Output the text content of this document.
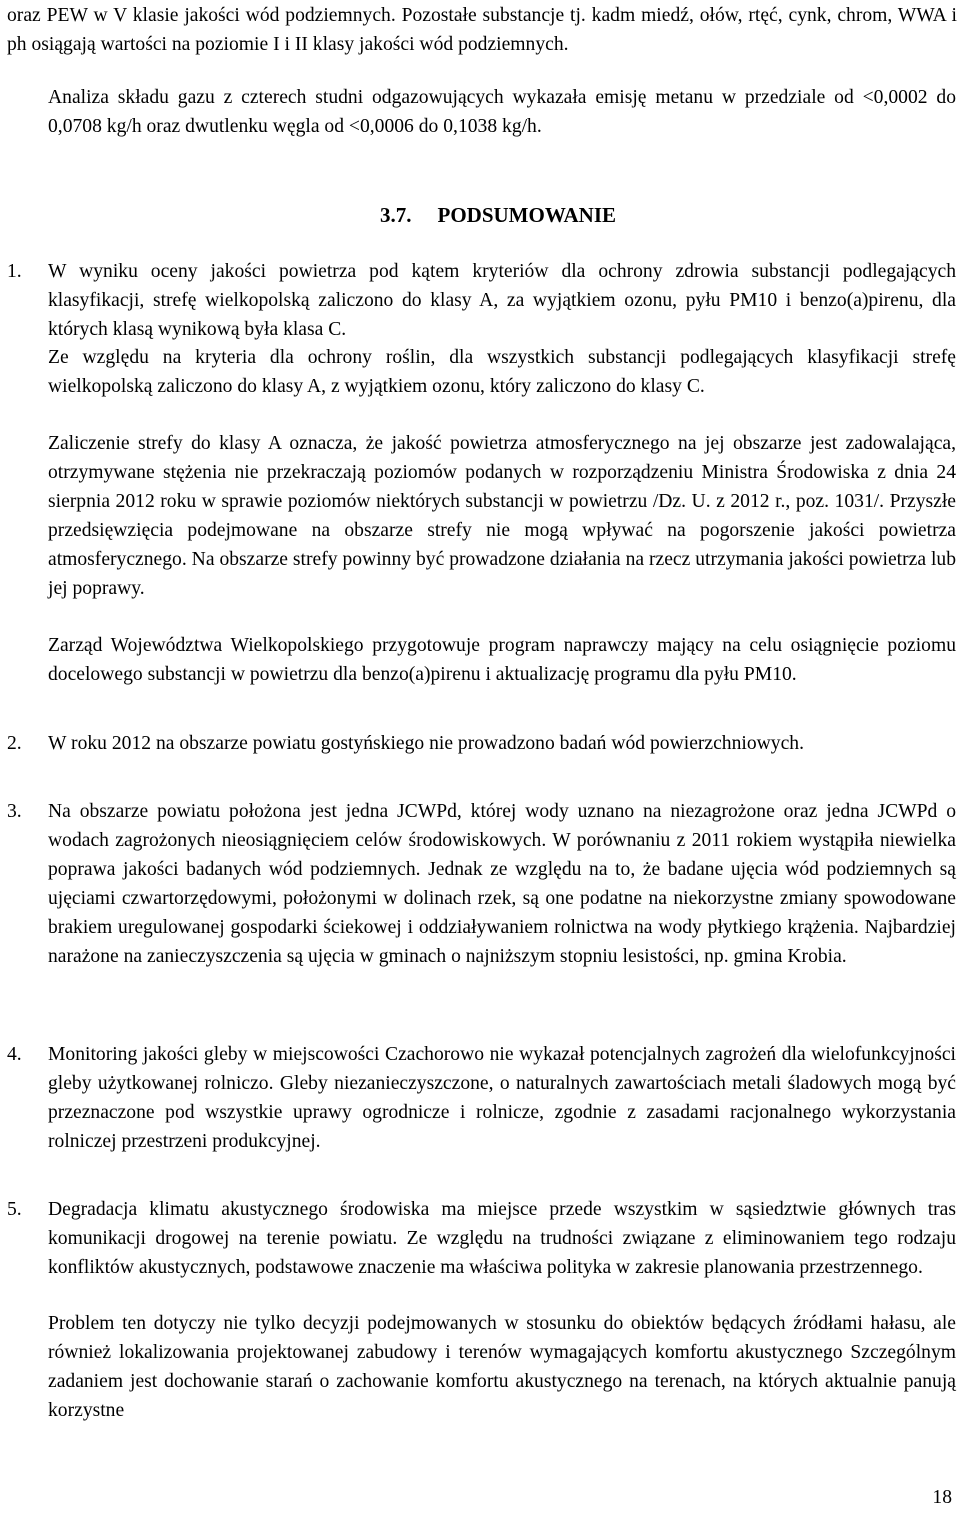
oraz PEW w V klasie jakości wód podziemnych. Pozostałe substancje tj. kadm miedź, ołów, rtęć, cynk, chrom, WWA i ph osiągają wartości na poziomie I i II klasy jakości wód podziemnych.

Analiza składu gazu z czterech studni odgazowujących wykazała emisję metanu w przedziale od <0,0002 do 0,0708 kg/h oraz dwutlenku węgla od <0,0006 do 0,1038 kg/h.

3.7. PODSUMOWANIE
1. W wyniku oceny jakości powietrza pod kątem kryteriów dla ochrony zdrowia substancji podlegających klasyfikacji, strefę wielkopolską zaliczono do klasy A, za wyjątkiem ozonu, pyłu PM10 i benzo(a)pirenu, dla których klasą wynikową była klasa C.

Ze względu na kryteria dla ochrony roślin, dla wszystkich substancji podlegających klasyfikacji strefę wielkopolską zaliczono do klasy A, z wyjątkiem ozonu, który zaliczono do klasy C.

Zaliczenie strefy do klasy A oznacza, że jakość powietrza atmosferycznego na jej obszarze jest zadowalająca, otrzymywane stężenia nie przekraczają poziomów podanych w rozporządzeniu Ministra Środowiska z dnia 24 sierpnia 2012 roku w sprawie poziomów niektórych substancji w powietrzu /Dz. U. z 2012 r., poz. 1031/. Przyszłe przedsięwzięcia podejmowane na obszarze strefy nie mogą wpływać na pogorszenie jakości powietrza atmosferycznego. Na obszarze strefy powinny być prowadzone działania na rzecz utrzymania jakości powietrza lub jej poprawy.

Zarząd Województwa Wielkopolskiego przygotowuje program naprawczy mający na celu osiągnięcie poziomu docelowego substancji w powietrzu dla benzo(a)pirenu i aktualizację programu dla pyłu PM10.

2. W roku 2012 na obszarze powiatu gostyńskiego nie prowadzono badań wód powierzchniowych.

3. Na obszarze powiatu położona jest jedna JCWPd, której wody uznano na niezagrożone oraz jedna JCWPd o wodach zagrożonych nieosiągnięciem celów środowiskowych. W porównaniu z 2011 rokiem wystąpiła niewielka poprawa jakości badanych wód podziemnych. Jednak ze względu na to, że badane ujęcia wód podziemnych są ujęciami czwartorzędowymi, położonymi w dolinach rzek, są one podatne na niekorzystne zmiany spowodowane brakiem uregulowanej gospodarki ściekowej i oddziaływaniem rolnictwa na wody płytkiego krążenia. Najbardziej narażone na zanieczyszczenia są ujęcia w gminach o najniższym stopniu lesistości, np. gmina Krobia.

4. Monitoring jakości gleby w miejscowości Czachorowo nie wykazał potencjalnych zagrożeń dla wielofunkcyjności gleby użytkowanej rolniczo. Gleby niezanieczyszczone, o naturalnych zawartościach metali śladowych mogą być przeznaczone pod wszystkie uprawy ogrodnicze i rolnicze, zgodnie z zasadami racjonalnego wykorzystania rolniczej przestrzeni produkcyjnej.

5. Degradacja klimatu akustycznego środowiska ma miejsce przede wszystkim w sąsiedztwie głównych tras komunikacji drogowej na terenie powiatu. Ze względu na trudności związane z eliminowaniem tego rodzaju konfliktów akustycznych, podstawowe znaczenie ma właściwa polityka w zakresie planowania przestrzennego.

Problem ten dotyczy nie tylko decyzji podejmowanych w stosunku do obiektów będących źródłami hałasu, ale również lokalizowania projektowanej zabudowy i terenów wymagających komfortu akustycznego Szczególnym zadaniem jest dochowanie starań o zachowanie komfortu akustycznego na terenach, na których aktualnie panują korzystne

18
